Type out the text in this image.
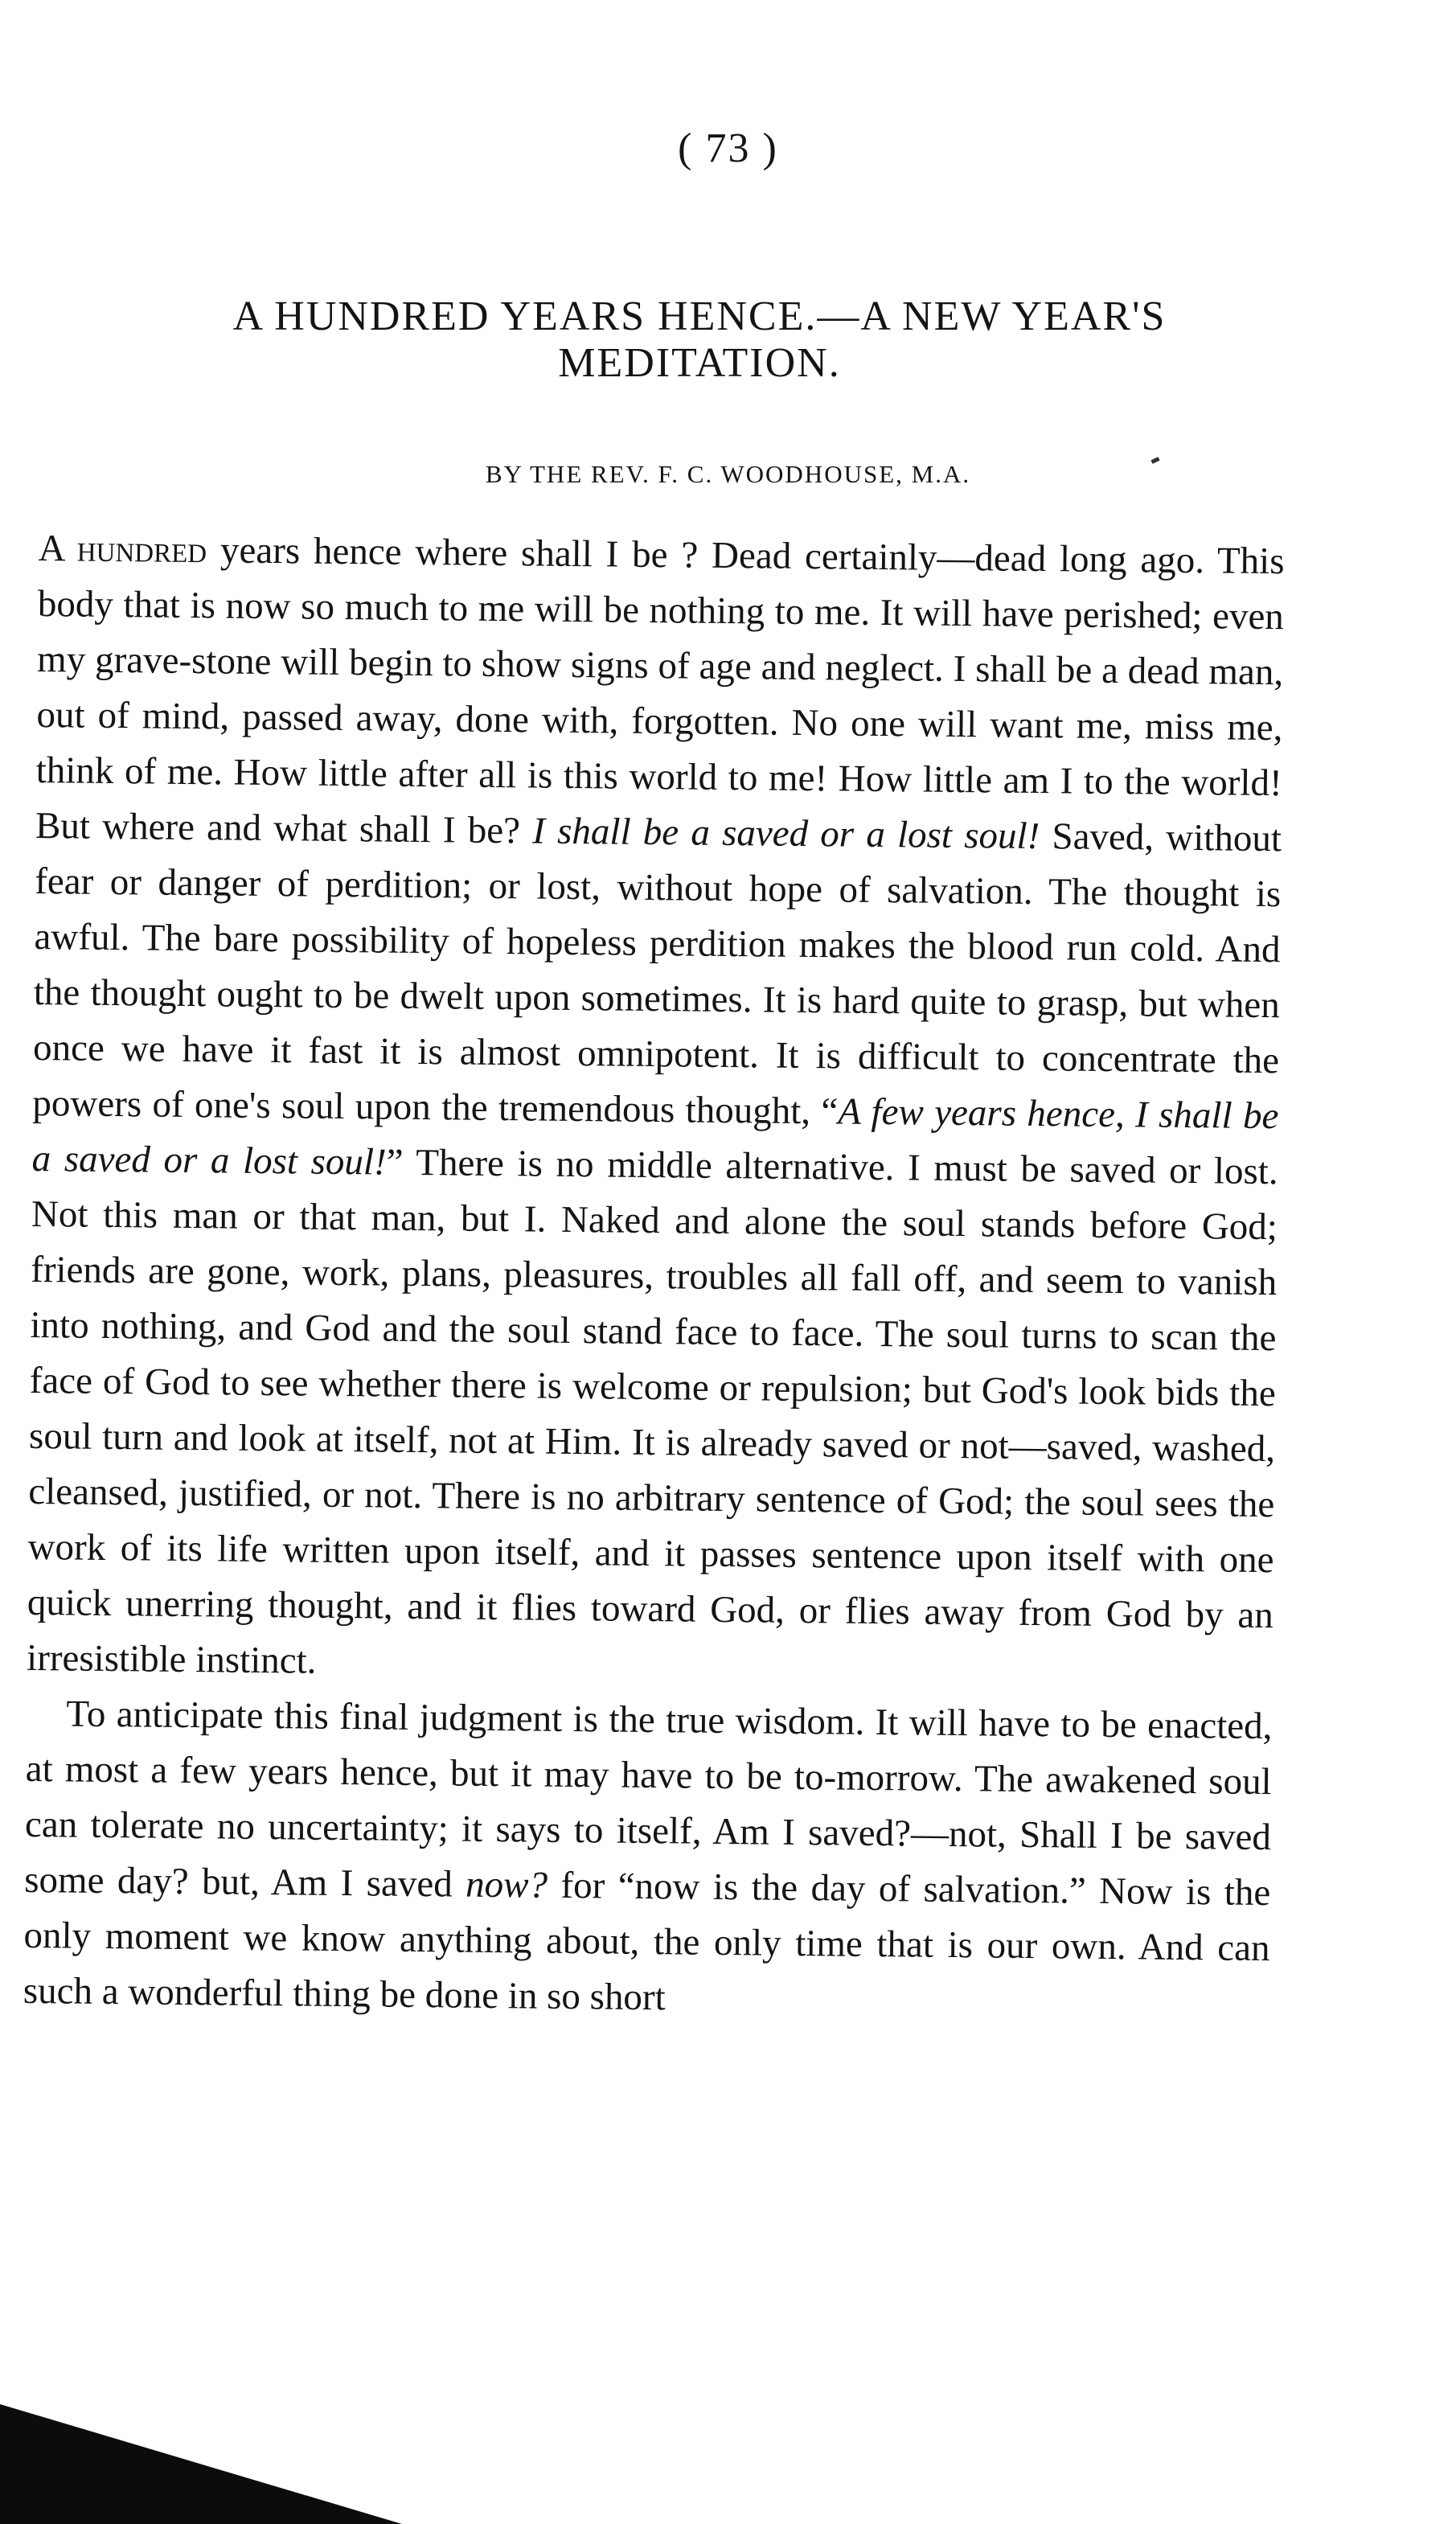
( 73 )
A HUNDRED YEARS HENCE.—A NEW YEAR'S MEDITATION.
BY THE REV. F. C. WOODHOUSE, M.A.

A hundred years hence where shall I be ? Dead certainly—dead long ago. This body that is now so much to me will be nothing to me. It will have perished; even my grave-stone will begin to show signs of age and neglect. I shall be a dead man, out of mind, passed away, done with, forgotten. No one will want me, miss me, think of me. How little after all is this world to me! How little am I to the world! But where and what shall I be? I shall be a saved or a lost soul! Saved, without fear or danger of perdition; or lost, without hope of salvation. The thought is awful. The bare possibility of hopeless perdition makes the blood run cold. And the thought ought to be dwelt upon sometimes. It is hard quite to grasp, but when once we have it fast it is almost omnipotent. It is difficult to concentrate the powers of one's soul upon the tremendous thought, “A few years hence, I shall be a saved or a lost soul!” There is no middle alternative. I must be saved or lost. Not this man or that man, but I. Naked and alone the soul stands before God; friends are gone, work, plans, pleasures, troubles all fall off, and seem to vanish into nothing, and God and the soul stand face to face. The soul turns to scan the face of God to see whether there is welcome or repulsion; but God's look bids the soul turn and look at itself, not at Him. It is already saved or not—saved, washed, cleansed, justified, or not. There is no arbitrary sentence of God; the soul sees the work of its life written upon itself, and it passes sentence upon itself with one quick unerring thought, and it flies toward God, or flies away from God by an irresistible instinct.

To anticipate this final judgment is the true wisdom. It will have to be enacted, at most a few years hence, but it may have to be to-morrow. The awakened soul can tolerate no uncertainty; it says to itself, Am I saved?—not, Shall I be saved some day? but, Am I saved now? for “now is the day of salvation.” Now is the only moment we know anything about, the only time that is our own. And can such a wonderful thing be done in so short
